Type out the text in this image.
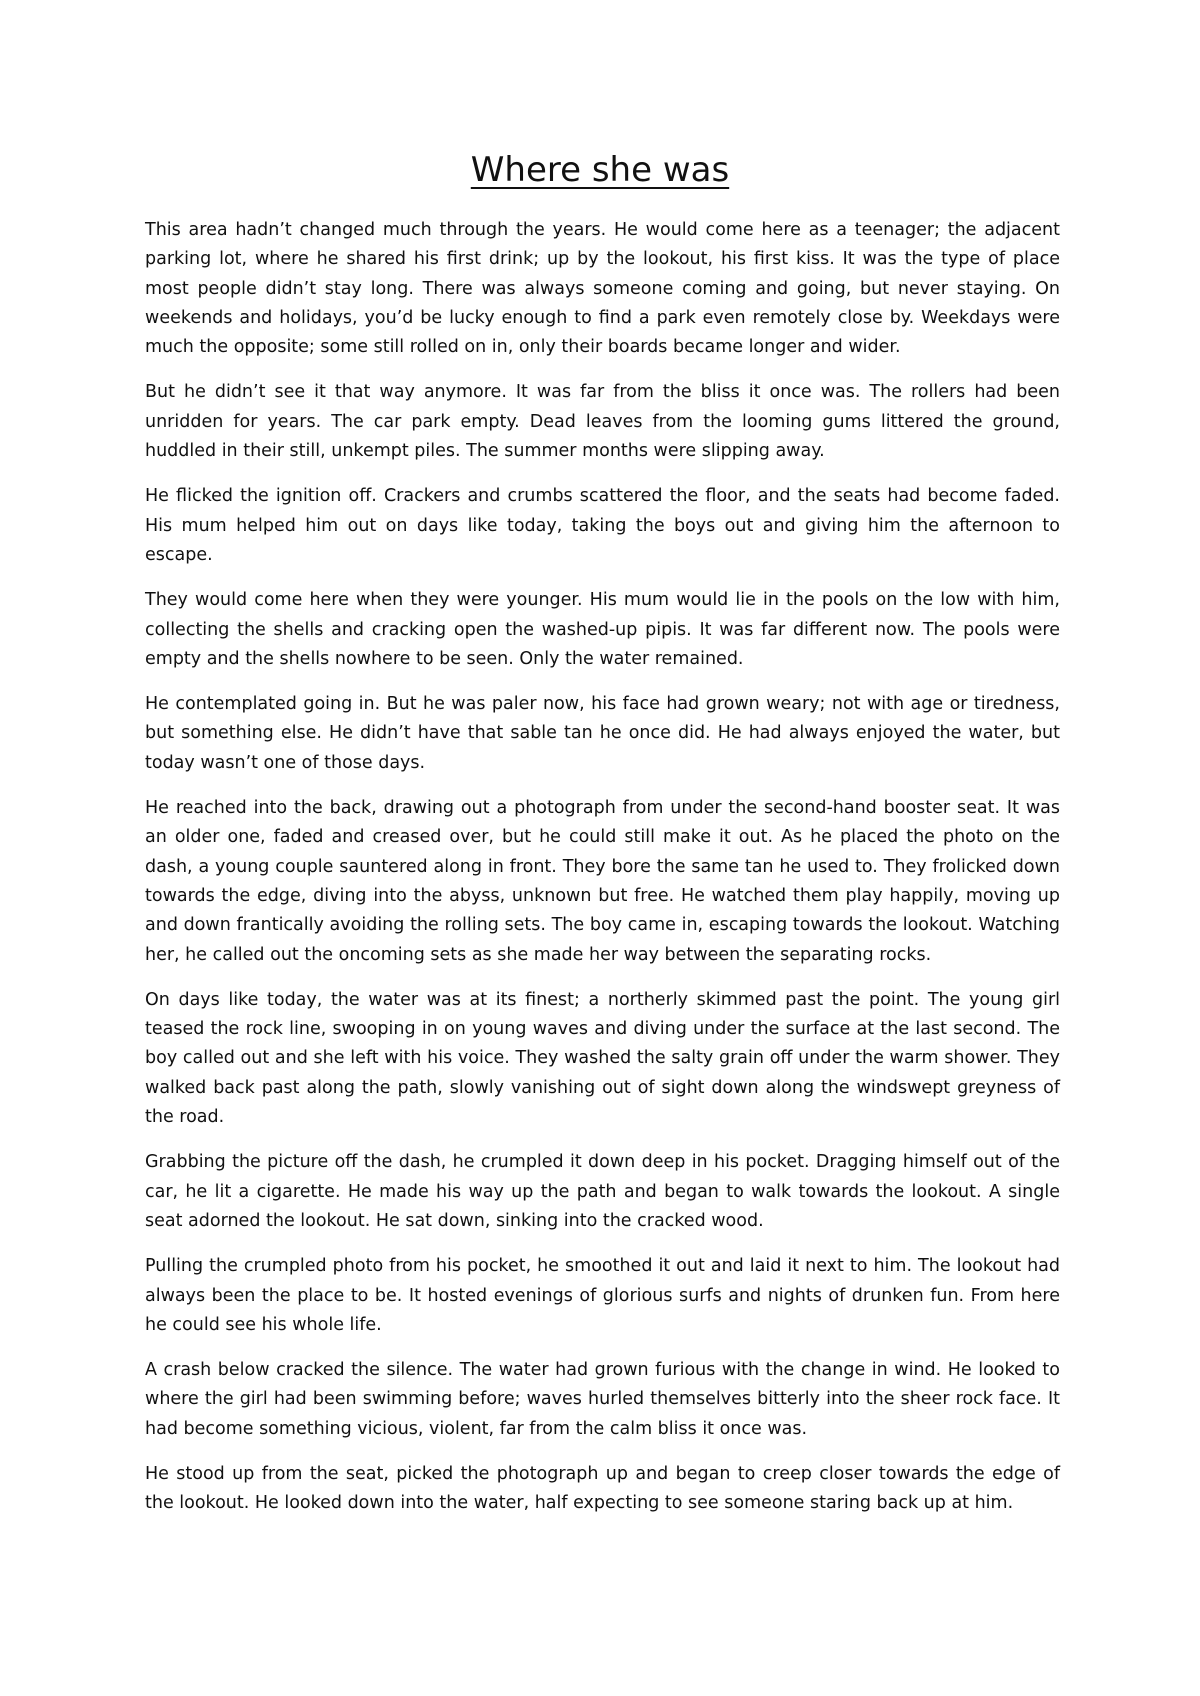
Where she was

This area hadn’t changed much through the years. He would come here as a teenager; the adjacent parking lot, where he shared his first drink; up by the lookout, his first kiss. It was the type of place most people didn’t stay long. There was always someone coming and going, but never staying. On weekends and holidays, you’d be lucky enough to find a park even remotely close by. Weekdays were much the opposite; some still rolled on in, only their boards became longer and wider.

But he didn’t see it that way anymore. It was far from the bliss it once was. The rollers had been unridden for years. The car park empty. Dead leaves from the looming gums littered the ground, huddled in their still, unkempt piles. The summer months were slipping away.

He flicked the ignition off. Crackers and crumbs scattered the floor, and the seats had become faded. His mum helped him out on days like today, taking the boys out and giving him the afternoon to escape.

They would come here when they were younger. His mum would lie in the pools on the low with him, collecting the shells and cracking open the washed-up pipis. It was far different now. The pools were empty and the shells nowhere to be seen. Only the water remained.

He contemplated going in. But he was paler now, his face had grown weary; not with age or tiredness, but something else. He didn’t have that sable tan he once did. He had always enjoyed the water, but today wasn’t one of those days.

He reached into the back, drawing out a photograph from under the second-hand booster seat. It was an older one, faded and creased over, but he could still make it out. As he placed the photo on the dash, a young couple sauntered along in front. They bore the same tan he used to. They frolicked down towards the edge, diving into the abyss, unknown but free. He watched them play happily, moving up and down frantically avoiding the rolling sets. The boy came in, escaping towards the lookout. Watching her, he called out the oncoming sets as she made her way between the separating rocks.

On days like today, the water was at its finest; a northerly skimmed past the point. The young girl teased the rock line, swooping in on young waves and diving under the surface at the last second. The boy called out and she left with his voice. They washed the salty grain off under the warm shower. They walked back past along the path, slowly vanishing out of sight down along the windswept greyness of the road.

Grabbing the picture off the dash, he crumpled it down deep in his pocket. Dragging himself out of the car, he lit a cigarette. He made his way up the path and began to walk towards the lookout. A single seat adorned the lookout. He sat down, sinking into the cracked wood.

Pulling the crumpled photo from his pocket, he smoothed it out and laid it next to him. The lookout had always been the place to be. It hosted evenings of glorious surfs and nights of drunken fun. From here he could see his whole life.

A crash below cracked the silence. The water had grown furious with the change in wind. He looked to where the girl had been swimming before; waves hurled themselves bitterly into the sheer rock face. It had become something vicious, violent, far from the calm bliss it once was.

He stood up from the seat, picked the photograph up and began to creep closer towards the edge of the lookout. He looked down into the water, half expecting to see someone staring back up at him.
